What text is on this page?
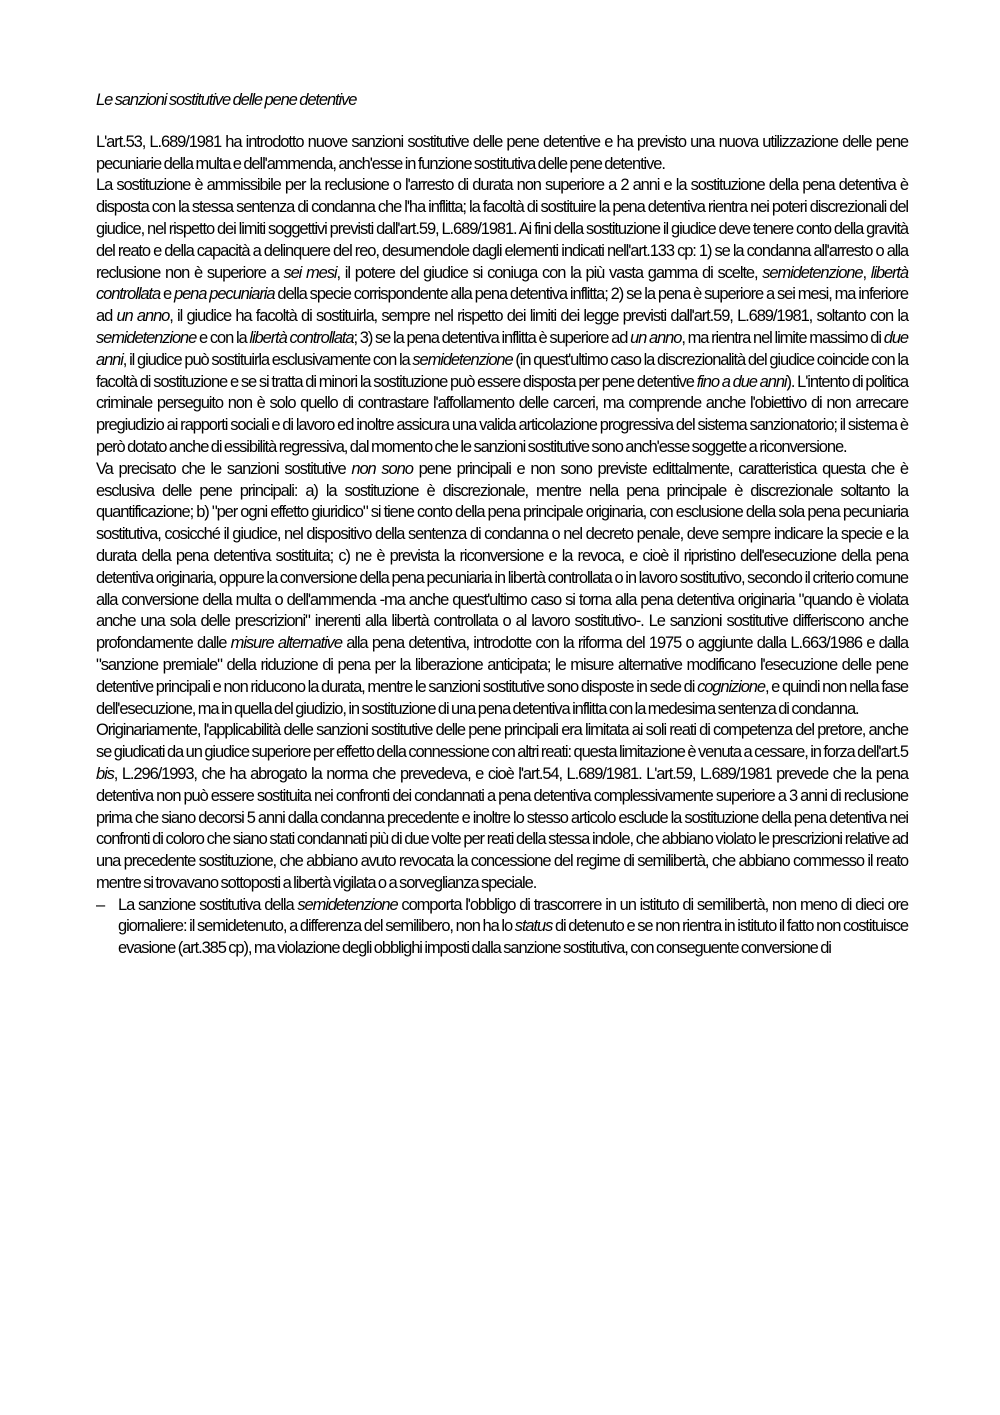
Le sanzioni sostitutive delle pene detentive

L'art.53, L.689/1981 ha introdotto nuove sanzioni sostitutive delle pene detentive e ha previsto una nuova utilizzazione delle pene pecuniarie della multa e dell'ammenda, anch'esse in funzione sostitutiva delle pene detentive.

La sostituzione è ammissibile per la reclusione o l'arresto di durata non superiore a 2 anni e la sostituzione della pena detentiva è disposta con la stessa sentenza di condanna che l'ha inflitta; la facoltà di sostituire la pena detentiva rientra nei poteri discrezionali del giudice, nel rispetto dei limiti soggettivi previsti dall'art.59, L.689/1981. Ai fini della sostituzione il giudice deve tenere conto della gravità del reato e della capacità a delinquere del reo, desumendole dagli elementi indicati nell'art.133 cp: 1) se la condanna all'arresto o alla reclusione non è superiore a sei mesi, il potere del giudice si coniuga con la più vasta gamma di scelte, semidetenzione, libertà controllata e pena pecuniaria della specie corrispondente alla pena detentiva inflitta; 2) se la pena è superiore a sei mesi, ma inferiore ad un anno, il giudice ha facoltà di sostituirla, sempre nel rispetto dei limiti dei legge previsti dall'art.59, L.689/1981, soltanto con la semidetenzione e con la libertà controllata; 3) se la pena detentiva inflitta è superiore ad un anno, ma rientra nel limite massimo di due anni, il giudice può sostituirla esclusivamente con la semidetenzione (in quest'ultimo caso la discrezionalità del giudice coincide con la facoltà di sostituzione e se si tratta di minori la sostituzione può essere disposta per pene detentive fino a due anni). L'intento di politica criminale perseguito non è solo quello di contrastare l'affollamento delle carceri, ma comprende anche l'obiettivo di non arrecare pregiudizio ai rapporti sociali e di lavoro ed inoltre assicura una valida articolazione progressiva del sistema sanzionatorio; il sistema è però dotato anche di essibilità regressiva, dal momento che le sanzioni sostitutive sono anch'esse soggette a riconversione.

Va precisato che le sanzioni sostitutive non sono pene principali e non sono previste edittalmente, caratteristica questa che è esclusiva delle pene principali: a) la sostituzione è discrezionale, mentre nella pena principale è discrezionale soltanto la quantificazione; b) "per ogni effetto giuridico" si tiene conto della pena principale originaria, con esclusione della sola pena pecuniaria sostitutiva, cosicché il giudice, nel dispositivo della sentenza di condanna o nel decreto penale, deve sempre indicare la specie e la durata della pena detentiva sostituita; c) ne è prevista la riconversione e la revoca, e cioè il ripristino dell'esecuzione della pena detentiva originaria, oppure la conversione della pena pecuniaria in libertà controllata o in lavoro sostitutivo, secondo il criterio comune alla conversione della multa o dell'ammenda -ma anche quest'ultimo caso si torna alla pena detentiva originaria "quando è violata anche una sola delle prescrizioni" inerenti alla libertà controllata o al lavoro sostitutivo-. Le sanzioni sostitutive differiscono anche profondamente dalle misure alternative alla pena detentiva, introdotte con la riforma del 1975 o aggiunte dalla L.663/1986 e dalla "sanzione premiale" della riduzione di pena per la liberazione anticipata; le misure alternative modificano l'esecuzione delle pene detentive principali e non riducono la durata, mentre le sanzioni sostitutive sono disposte in sede di cognizione, e quindi non nella fase dell'esecuzione, ma in quella del giudizio, in sostituzione di una pena detentiva inflitta con la medesima sentenza di condanna.

Originariamente, l'applicabilità delle sanzioni sostitutive delle pene principali era limitata ai soli reati di competenza del pretore, anche se giudicati da un giudice superiore per effetto della connessione con altri reati: questa limitazione è venuta a cessare, in forza dell'art.5 bis, L.296/1993, che ha abrogato la norma che prevedeva, e cioè l'art.54, L.689/1981. L'art.59, L.689/1981 prevede che la pena detentiva non può essere sostituita nei confronti dei condannati a pena detentiva complessivamente superiore a 3 anni di reclusione prima che siano decorsi 5 anni dalla condanna precedente e inoltre lo stesso articolo esclude la sostituzione della pena detentiva nei confronti di coloro che siano stati condannati più di due volte per reati della stessa indole, che abbiano violato le prescrizioni relative ad una precedente sostituzione, che abbiano avuto revocata la concessione del regime di semilibertà, che abbiano commesso il reato mentre si trovavano sottoposti a libertà vigilata o a sorveglianza speciale.

– La sanzione sostitutiva della semidetenzione comporta l'obbligo di trascorrere in un istituto di semilibertà, non meno di dieci ore giornaliere: il semidetenuto, a differenza del semilibero, non ha lo status di detenuto e se non rientra in istituto il fatto non costituisce evasione (art.385 cp), ma violazione degli obblighi imposti dalla sanzione sostitutiva, con conseguente conversione di
